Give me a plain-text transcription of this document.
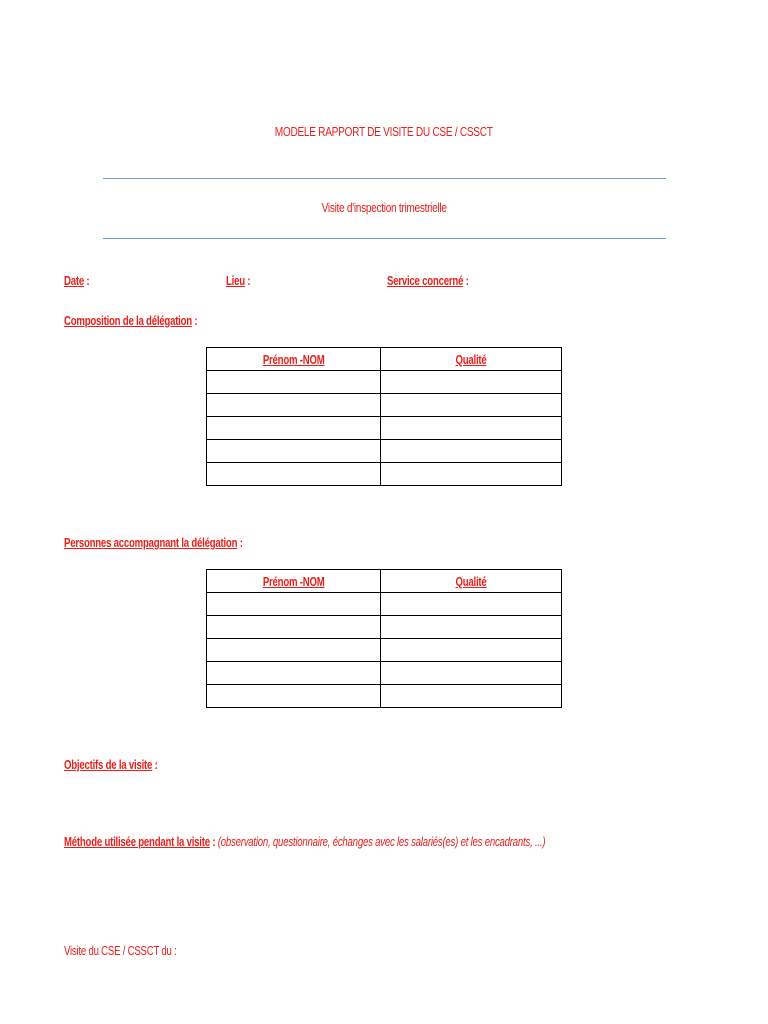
MODELE RAPPORT DE VISITE DU CSE / CSSCT
Visite d'inspection trimestrielle
Date :	Lieu :	Service concerné :
Composition de la délégation :
Prénom -NOM	Qualité

Personnes accompagnant la délégation :
Prénom -NOM	Qualité

Objectifs de la visite :
Méthode utilisée pendant la visite : (observation, questionnaire, échanges avec les salariés(es) et les encadrants, ...)
Visite du CSE / CSSCT du :
